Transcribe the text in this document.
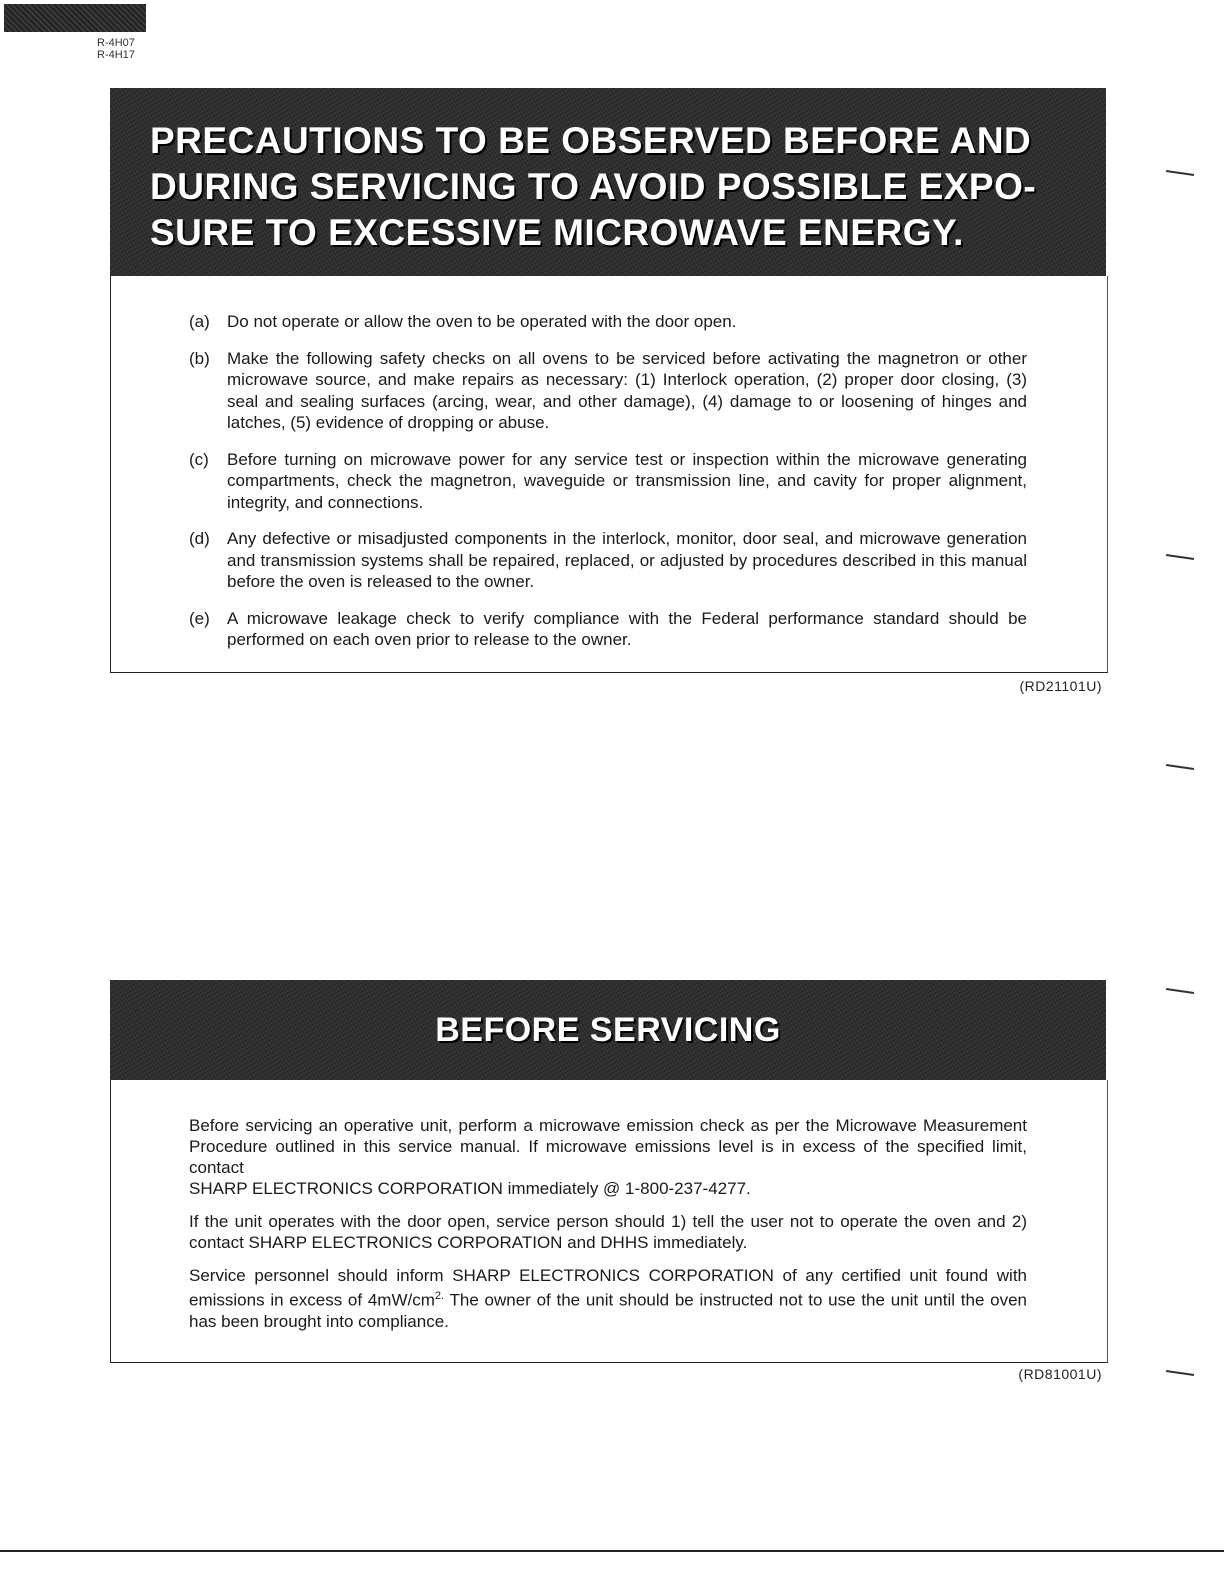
R-4H07
R-4H17
PRECAUTIONS TO BE OBSERVED BEFORE AND DURING SERVICING TO AVOID POSSIBLE EXPO-SURE TO EXCESSIVE MICROWAVE ENERGY.
(a) Do not operate or allow the oven to be operated with the door open.
(b) Make the following safety checks on all ovens to be serviced before activating the magnetron or other microwave source, and make repairs as necessary: (1) Interlock operation, (2) proper door closing, (3) seal and sealing surfaces (arcing, wear, and other damage), (4) damage to or loosening of hinges and latches, (5) evidence of dropping or abuse.
(c) Before turning on microwave power for any service test or inspection within the microwave generating compartments, check the magnetron, waveguide or transmission line, and cavity for proper alignment, integrity, and connections.
(d) Any defective or misadjusted components in the interlock, monitor, door seal, and microwave generation and transmission systems shall be repaired, replaced, or adjusted by procedures described in this manual before the oven is released to the owner.
(e) A microwave leakage check to verify compliance with the Federal performance standard should be performed on each oven prior to release to the owner.
(RD21101U)
BEFORE SERVICING
Before servicing an operative unit, perform a microwave emission check as per the Microwave Measurement Procedure outlined in this service manual. If microwave emissions level is in excess of the specified limit, contact
SHARP ELECTRONICS CORPORATION immediately @ 1-800-237-4277.
If the unit operates with the door open, service person should 1) tell the user not to operate the oven and 2) contact SHARP ELECTRONICS CORPORATION and DHHS immediately.
Service personnel should inform SHARP ELECTRONICS CORPORATION of any certified unit found with emissions in excess of $4mW/cm^{2.}$ The owner of the unit should be instructed not to use the unit until the oven has been brought into compliance.
(RD81001U)
